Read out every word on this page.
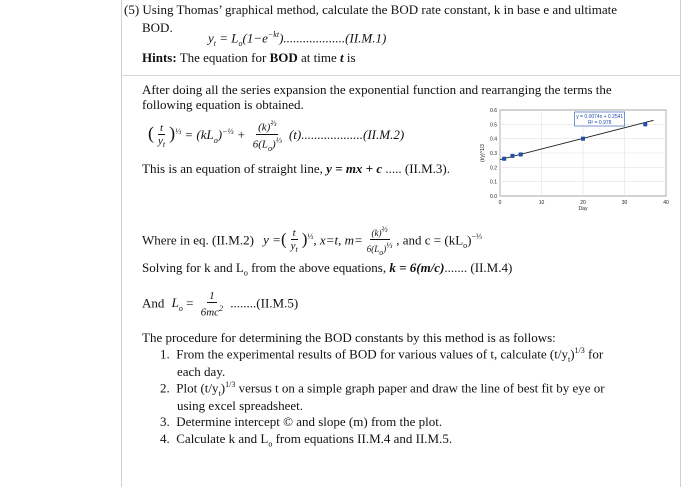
(5) Using Thomas’ graphical method, calculate the BOD rate constant, k in base e and ultimate
BOD.
$y_t = L_o(1-e^{-kt})...................(II.M.1)$
Hints: The equation for BOD at time t is
After doing all the series expansion the exponential function and rearranging the terms the
following equation is obtained.
( $\frac{t}{y_t} )^{\frac{1}{3}} = (kL_o)^{-\frac{1}{3}} + \frac{(k)^{\frac{2}{3}}}{6(L_o)^{\frac{1}{3}}} (t)...................(II.M.2)$
This is an equation of straight line, y = mx + c ..... (II.M.3).
0.0
0.1
0.2
0.3
0.4
0.5
0.6
0	10	20	30	40
Day
(t/y)^1/3
y = 0.0074x + 0.2541
R² = 0.978
Where in eq. (II.M.2) y =( $\frac{t}{y_t} )^{\frac{1}{3}}$, x=t, $m= \frac{\text{(k)⅔}}{\text{6(Lo)⅓}}$ , and $c = (kL_o)^{-\frac{1}{3}}$
Solving for k and $L_o$ from the above equations, k = 6(m/c)....... (II.M.4)
And $L_o = \frac{1}{6mc^2} ........(II.M.5)$
The procedure for determining the BOD constants by this method is as follows:
1. From the experimental results of BOD for various values of t, calculate $(t/y_t)^{1/3}$ for
each day.
2. Plot $(t/y_t)^{1/3}$ versus t on a simple graph paper and draw the line of best fit by eye or
using excel spreadsheet.
3. Determine intercept © and slope (m) from the plot.
4. Calculate k and $L_o$ from equations II.M.4 and II.M.5.
